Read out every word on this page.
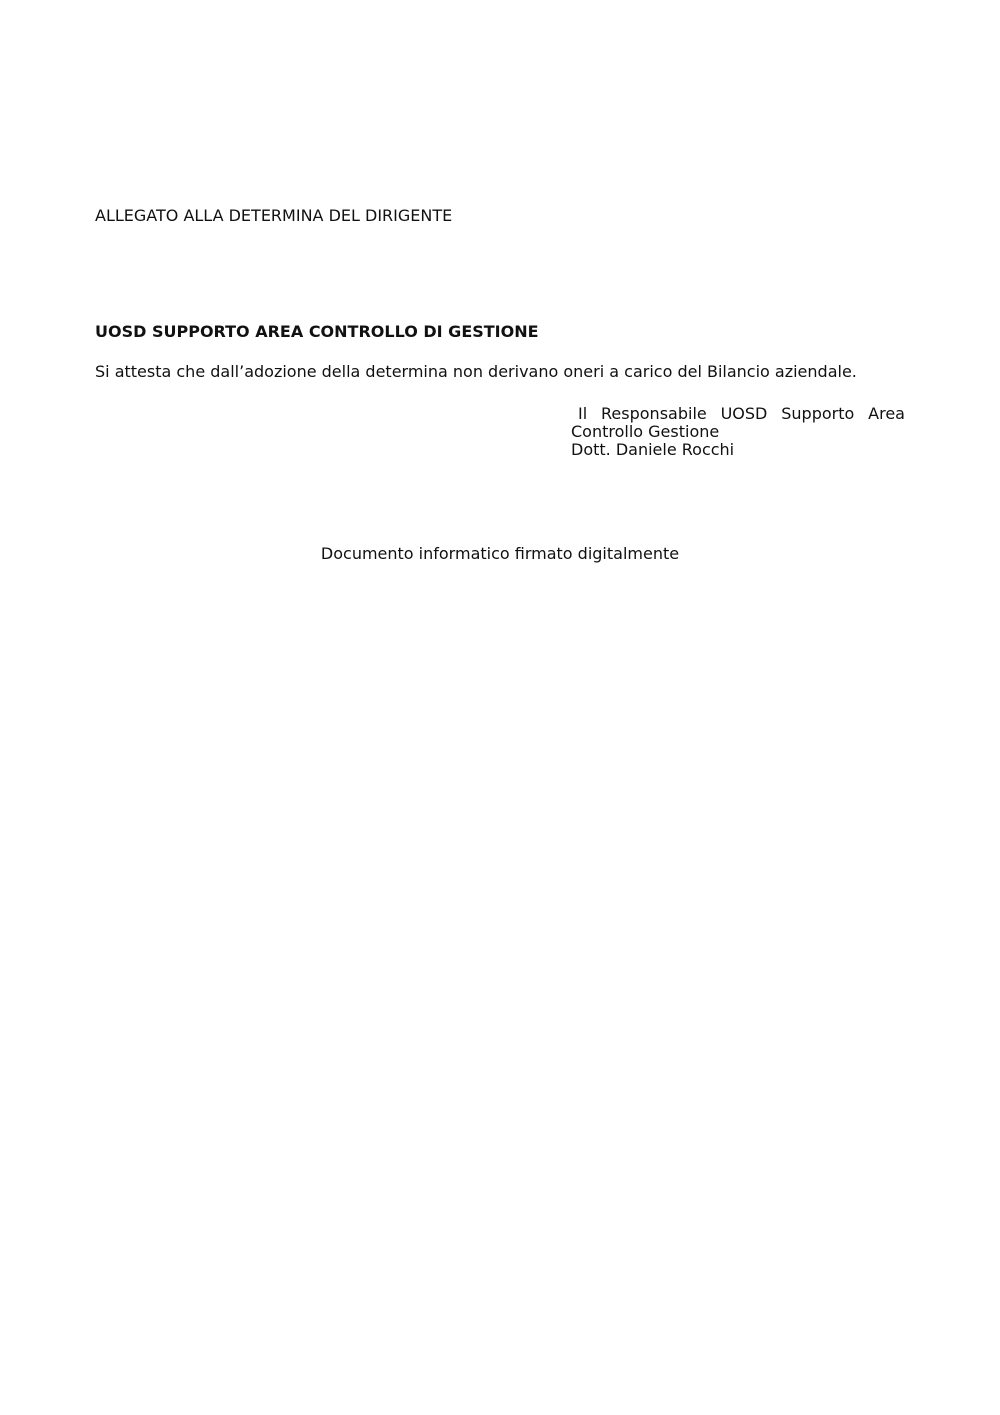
ALLEGATO ALLA DETERMINA DEL DIRIGENTE
UOSD SUPPORTO AREA CONTROLLO DI GESTIONE
Si attesta che dall’adozione della determina non derivano oneri a carico del Bilancio aziendale.
Il Responsabile UOSD Supporto Area
Controllo Gestione
Dott. Daniele Rocchi
Documento informatico firmato digitalmente
